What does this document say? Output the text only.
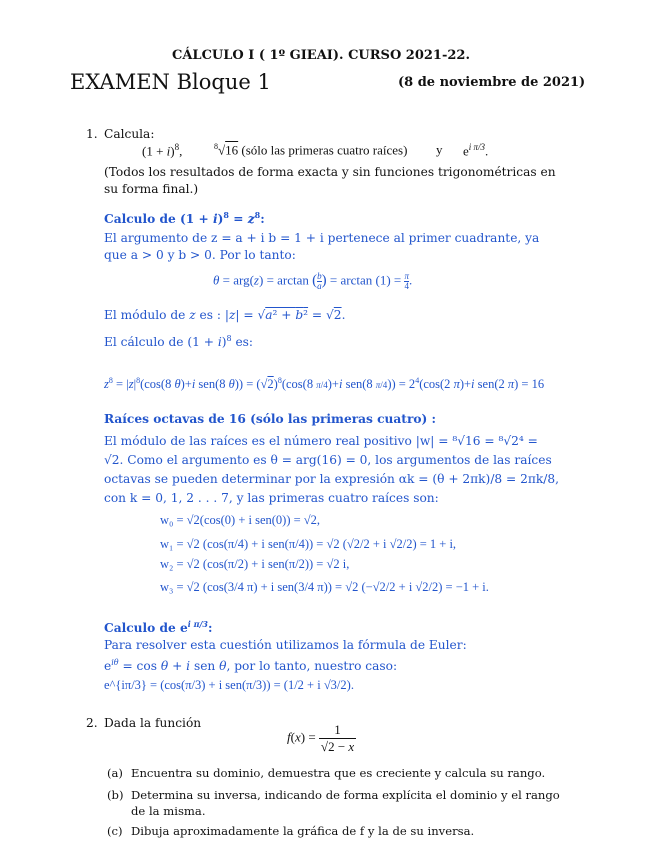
CÁLCULO I ( 1º GIEAI). CURSO 2021-22.
EXAMEN Bloque 1	(8 de noviembre de 2021)
1. Calcula:
$(1 + i)^8$,	$^8$√16 (sólo las primeras cuatro raíces) y $e^{i \pi/3}$.
(Todos los resultados de forma exacta y sin funciones trigonométricas en su forma final.)
Calculo de $(1 + i)^8 = z^8$:
El argumento de z = a + i b = 1 + i pertenece al primer cuadrante, ya que a > 0 y b > 0. Por lo tanto:
$\theta = arg(z) = \arctan (\frac{b}{a}$ ) = $\arctan (1) = \frac{\pi}{4}$ .
El módulo de z es : |z| = √a² + b² = √2.
El cálculo de $(1 + i)^8$ es:
$z^8 = |z|^8(\cos(8$ θ)+i sen(8 $\theta)) = (√2)^8(\cos(8$ π/4)+i sen(8 $\pi/4)) = 2^4(\cos(2$ π)+i sen(2 π) = 16
Raíces octavas de 16 (sólo las primeras cuatro) :
El módulo de las raíces es el número real positivo |w| = ⁸√16 = ⁸√2⁴ = √2. Como el argumento es θ = arg(16) = 0, los argumentos de las raíces octavas se pueden determinar por la expresión αk = (θ + 2πk)/8 = 2πk/8, con k = 0, 1, 2 . . . 7, y las primeras cuatro raíces son:
w₀ = √2(cos(0) + i sen(0)) = √2,
w₁ = √2 (cos(π/4) + i sen(π/4)) = √2 (√2/2 + i √2/2) = 1 + i,
w₂ = √2 (cos(π/2) + i sen(π/2)) = √2 i,
w₃ = √2 (cos(3/4 π) + i sen(3/4 π)) = √2 (−√2/2 + i √2/2) = −1 + i.
Calculo de $e^{i \pi/3}$:
Para resolver esta cuestión utilizamos la fórmula de Euler:
$e^{i\theta} = \cos \theta + i$ sen θ, por lo tanto, nuestro caso:
e^{iπ/3} = (cos(π/3) + i sen(π/3)) = (1/2 + i √3/2).
2. Dada la función
$f(x) = \frac{1}{√2 - x}$
(a) Encuentra su dominio, demuestra que es creciente y calcula su rango.
(b) Determina su inversa, indicando de forma explícita el dominio y el rango de la misma.
(c) Dibuja aproximadamente la gráfica de f y la de su inversa.
